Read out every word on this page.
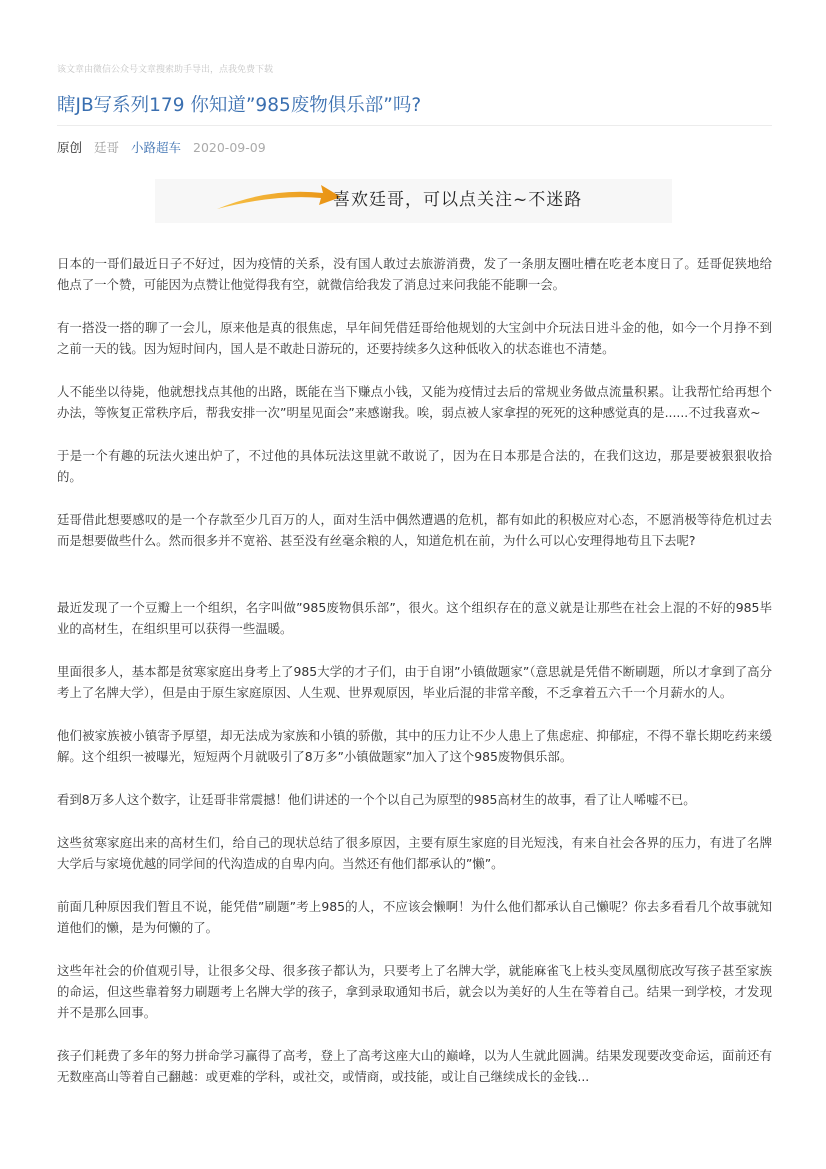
该文章由微信公众号文章搜索助手导出，点我免费下载
瞎JB写系列179 你知道”985废物俱乐部”吗?
原创 廷哥 小路超车 2020-09-09
喜欢廷哥，可以点关注~不迷路

日本的一哥们最近日子不好过，因为疫情的关系，没有国人敢过去旅游消费，发了一条朋友圈吐槽在吃老本度日了。廷哥促狭地给他点了一个赞，可能因为点赞让他觉得我有空，就微信给我发了消息过来问我能不能聊一会。

有一搭没一搭的聊了一会儿，原来他是真的很焦虑，早年间凭借廷哥给他规划的大宝剑中介玩法日进斗金的他，如今一个月挣不到之前一天的钱。因为短时间内，国人是不敢赴日游玩的，还要持续多久这种低收入的状态谁也不清楚。

人不能坐以待毙，他就想找点其他的出路，既能在当下赚点小钱，又能为疫情过去后的常规业务做点流量积累。让我帮忙给再想个办法，等恢复正常秩序后，帮我安排一次”明星见面会”来感谢我。唉，弱点被人家拿捏的死死的这种感觉真的是......不过我喜欢~

于是一个有趣的玩法火速出炉了，不过他的具体玩法这里就不敢说了，因为在日本那是合法的，在我们这边，那是要被狠狠收拾的。

廷哥借此想要感叹的是一个存款至少几百万的人，面对生活中偶然遭遇的危机，都有如此的积极应对心态，不愿消极等待危机过去而是想要做些什么。然而很多并不宽裕、甚至没有丝毫余粮的人，知道危机在前，为什么可以心安理得地苟且下去呢?

最近发现了一个豆瓣上一个组织，名字叫做”985废物俱乐部”，很火。这个组织存在的意义就是让那些在社会上混的不好的985毕业的高材生，在组织里可以获得一些温暖。

里面很多人，基本都是贫寒家庭出身考上了985大学的才子们，由于自诩”小镇做题家”（意思就是凭借不断刷题，所以才拿到了高分考上了名牌大学），但是由于原生家庭原因、人生观、世界观原因，毕业后混的非常辛酸，不乏拿着五六千一个月薪水的人。

他们被家族被小镇寄予厚望，却无法成为家族和小镇的骄傲，其中的压力让不少人患上了焦虑症、抑郁症，不得不靠长期吃药来缓解。这个组织一被曝光，短短两个月就吸引了8万多”小镇做题家”加入了这个985废物俱乐部。

看到8万多人这个数字，让廷哥非常震撼！他们讲述的一个个以自己为原型的985高材生的故事，看了让人唏嘘不已。

这些贫寒家庭出来的高材生们，给自己的现状总结了很多原因，主要有原生家庭的目光短浅，有来自社会各界的压力，有进了名牌大学后与家境优越的同学间的代沟造成的自卑内向。当然还有他们都承认的”懒”。

前面几种原因我们暂且不说，能凭借”刷题”考上985的人，不应该会懒啊！为什么他们都承认自己懒呢？你去多看看几个故事就知道他们的懒，是为何懒的了。

这些年社会的价值观引导，让很多父母、很多孩子都认为，只要考上了名牌大学，就能麻雀飞上枝头变凤凰彻底改写孩子甚至家族的命运，但这些靠着努力刷题考上名牌大学的孩子，拿到录取通知书后，就会以为美好的人生在等着自己。结果一到学校，才发现并不是那么回事。

孩子们耗费了多年的努力拼命学习赢得了高考，登上了高考这座大山的巅峰，以为人生就此圆满。结果发现要改变命运，面前还有无数座高山等着自己翻越：或更难的学科，或社交，或情商，或技能，或让自己继续成长的金钱...
